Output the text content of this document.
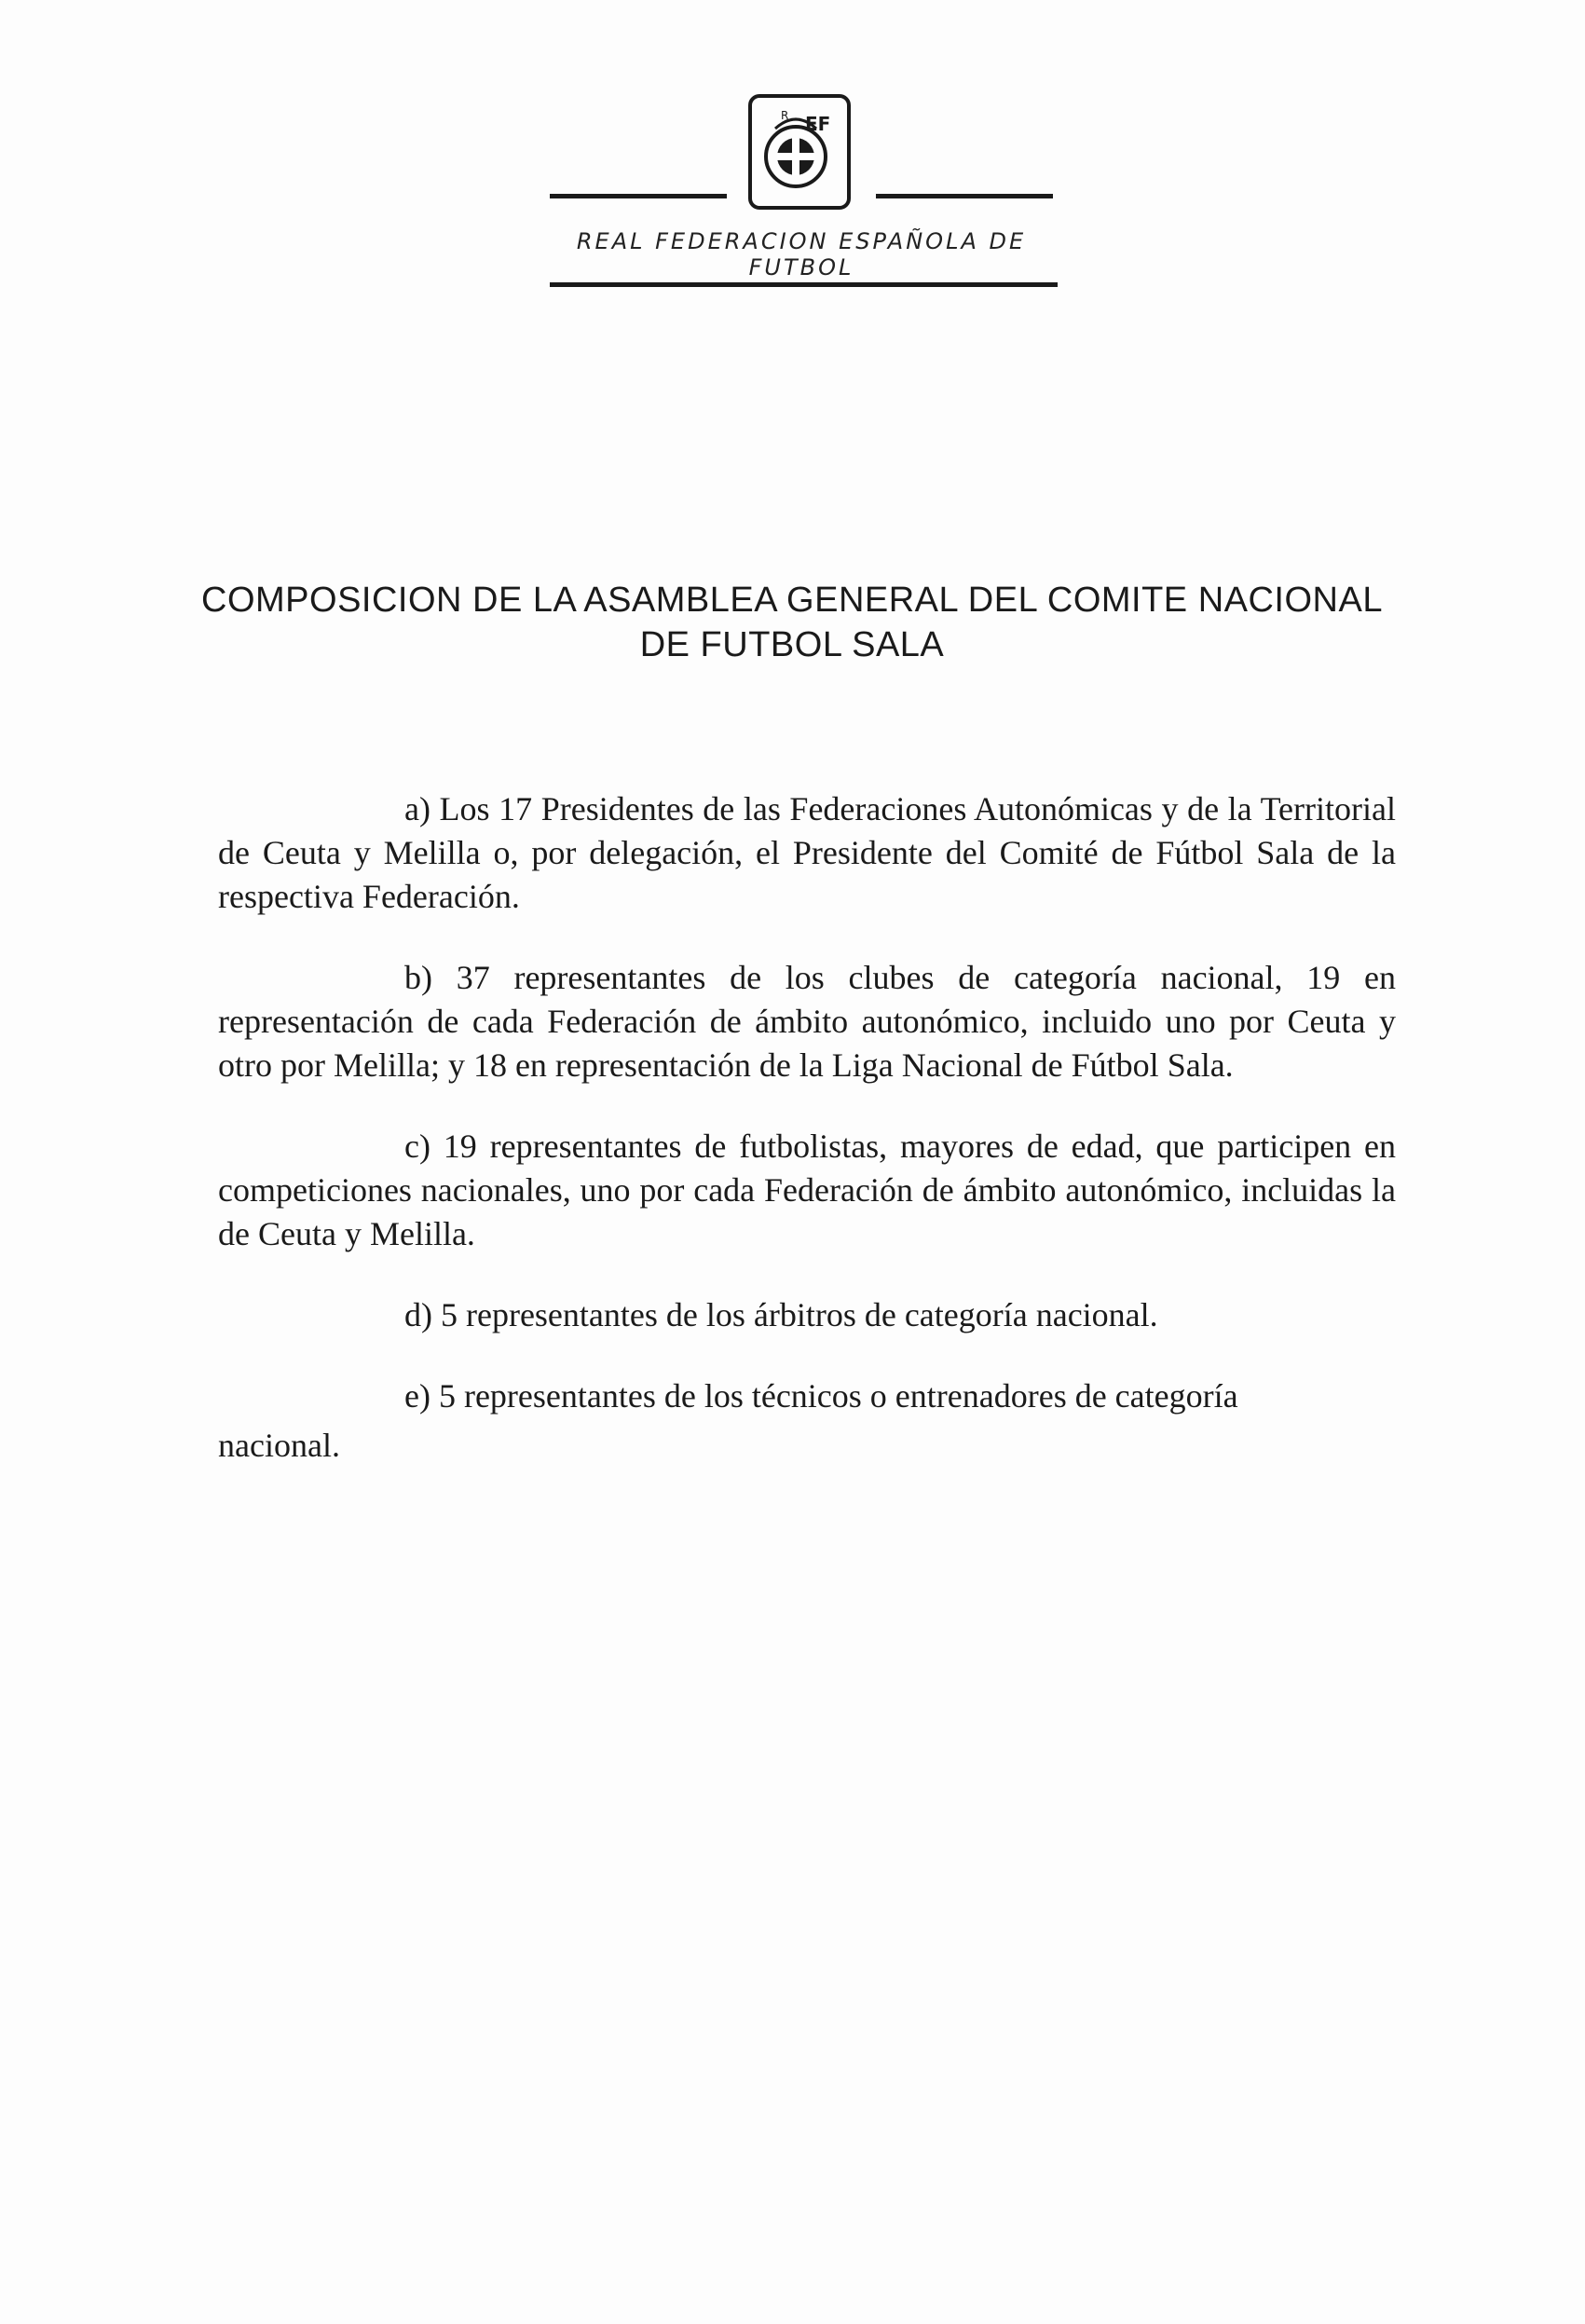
EF
R
REAL FEDERACION ESPAÑOLA DE FUTBOL
COMPOSICION DE LA ASAMBLEA GENERAL DEL COMITE NACIONAL
DE FUTBOL SALA

a) Los 17 Presidentes de las Federaciones Autonómicas y de la Territorial de Ceuta y Melilla o, por delegación, el Presidente del Comité de Fútbol Sala de la respectiva Federación.

b) 37 representantes de los clubes de categoría nacional, 19 en representación de cada Federación de ámbito autonómico, incluido uno por Ceuta y otro por Melilla; y 18 en representación de la Liga Nacional de Fútbol Sala.

c) 19 representantes de futbolistas, mayores de edad, que participen en competiciones nacionales, uno por cada Federación de ámbito autonómico, incluidas la de Ceuta y Melilla.

d) 5 representantes de los árbitros de categoría nacional.

e) 5 representantes de los técnicos o entrenadores de categoría
nacional.
